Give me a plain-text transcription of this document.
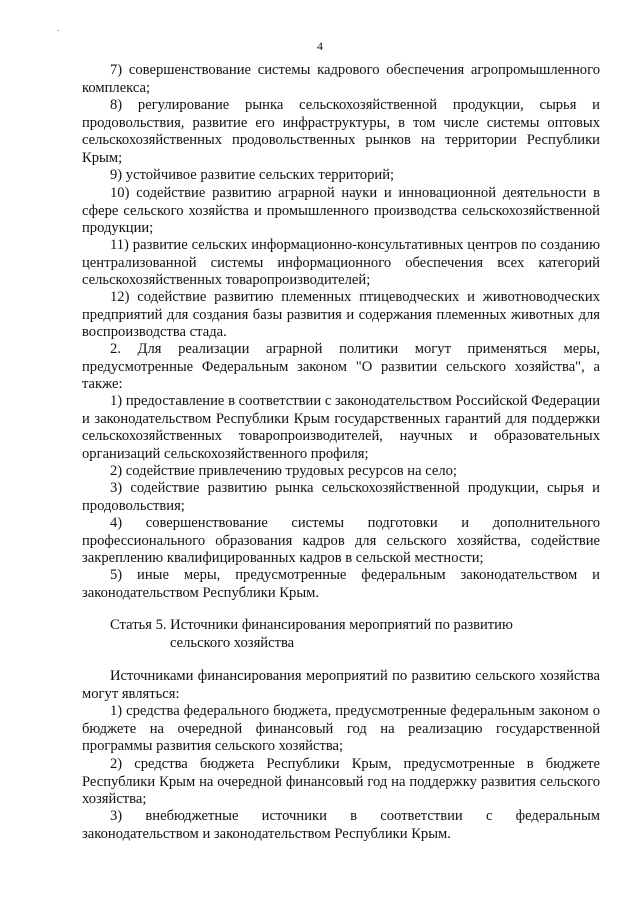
4

7) совершенствование системы кадрового обеспечения агропромышленного комплекса;

8) регулирование рынка сельскохозяйственной продукции, сырья и продовольствия, развитие его инфраструктуры, в том числе системы оптовых сельскохозяйственных продовольственных рынков на территории Республики Крым;

9) устойчивое развитие сельских территорий;

10) содействие развитию аграрной науки и инновационной деятельности в сфере сельского хозяйства и промышленного производства сельскохозяйственной продукции;

11) развитие сельских информационно-консультативных центров по созданию централизованной системы информационного обеспечения всех категорий сельскохозяйственных товаропроизводителей;

12) содействие развитию племенных птицеводческих и животноводческих предприятий для создания базы развития и содержания племенных животных для воспроизводства стада.

2. Для реализации аграрной политики могут применяться меры, предусмотренные Федеральным законом "О развитии сельского хозяйства", а также:

1) предоставление в соответствии с законодательством Российской Федерации и законодательством Республики Крым государственных гарантий для поддержки сельскохозяйственных товаропроизводителей, научных и образовательных организаций сельскохозяйственного профиля;

2) содействие привлечению трудовых ресурсов на село;

3) содействие развитию рынка сельскохозяйственной продукции, сырья и продовольствия;

4) совершенствование системы подготовки и дополнительного профессионального образования кадров для сельского хозяйства, содействие закреплению квалифицированных кадров в сельской местности;

5) иные меры, предусмотренные федеральным законодательством и законодательством Республики Крым.

Статья 5. Источники финансирования мероприятий по развитию
сельского хозяйства

Источниками финансирования мероприятий по развитию сельского хозяйства могут являться:

1) средства федерального бюджета, предусмотренные федеральным законом о бюджете на очередной финансовый год на реализацию государственной программы развития сельского хозяйства;

2) средства бюджета Республики Крым, предусмотренные в бюджете Республики Крым на очередной финансовый год на поддержку развития сельского хозяйства;

3) внебюджетные источники в соответствии с федеральным законодательством и законодательством Республики Крым.
